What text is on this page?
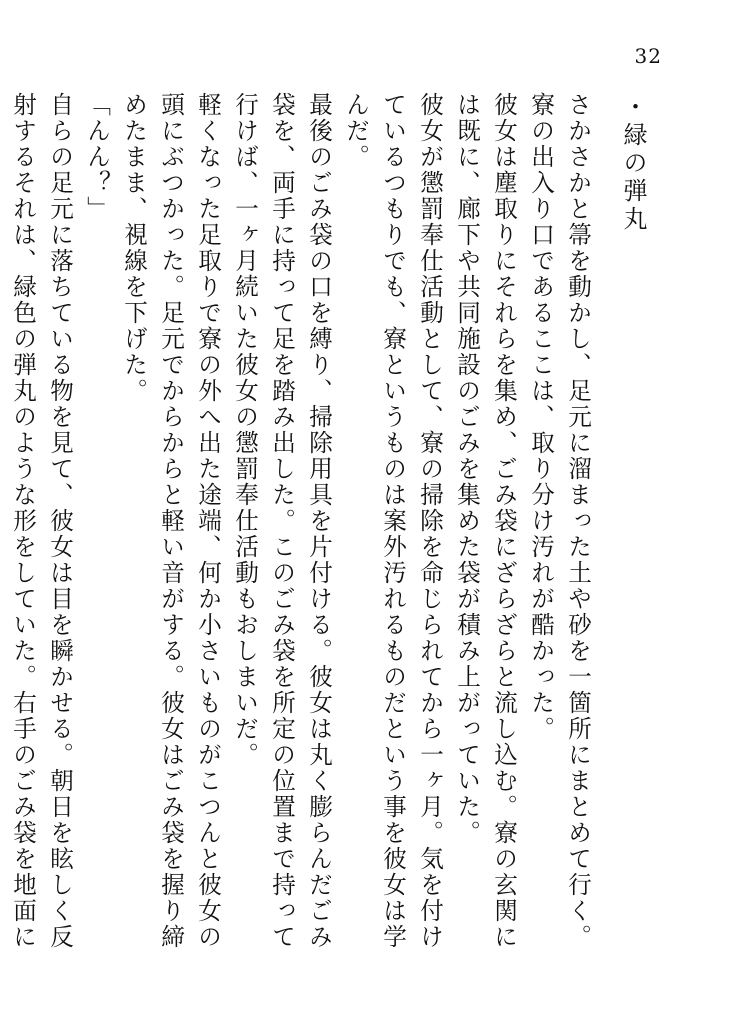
32
・緑の弾丸

さかさかと箒を動かし、足元に溜まった土や砂を一箇所にまとめて行く。寮の出入り口であるここは、取り分け汚れが酷かった。

彼女は塵取りにそれらを集め、ごみ袋にざらざらと流し込む。寮の玄関には既に、廊下や共同施設のごみを集めた袋が積み上がっていた。

彼女が懲罰奉仕活動として、寮の掃除を命じられてから一ヶ月。気を付けているつもりでも、寮というものは案外汚れるものだという事を彼女は学んだ。

最後のごみ袋の口を縛り、掃除用具を片付ける。彼女は丸く膨らんだごみ袋を、両手に持って足を踏み出した。このごみ袋を所定の位置まで持って行けば、一ヶ月続いた彼女の懲罰奉仕活動もおしまいだ。

軽くなった足取りで寮の外へ出た途端、何か小さいものがこつんと彼女の頭にぶつかった。足元でからからと軽い音がする。彼女はごみ袋を握り締めたまま、視線を下げた。

「んん？」

自らの足元に落ちている物を見て、彼女は目を瞬かせる。朝日を眩しく反射するそれは、緑色の弾丸のような形をしていた。右手のごみ袋を地面に
